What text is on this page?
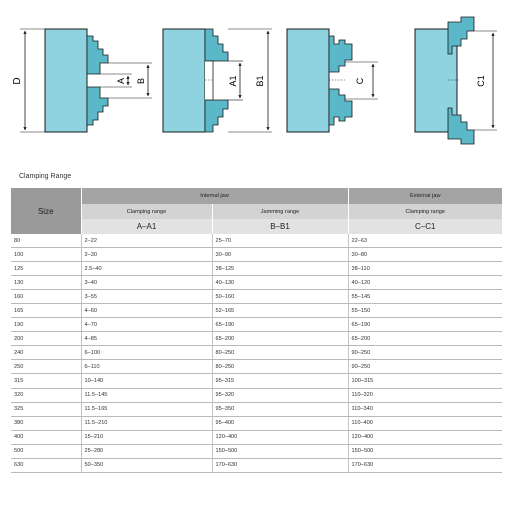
D	A B	A1 B1	C	C1
Clamping Range
Size	Internal jaw		External jaw
	Clamping range	Jamming range	Clamping range
	A–A1	B–B1	C–C1
80	2–22	25–70	22–63
100	2–30	30–90	30–80
125	2.5–40	38–125	38–110
130	3–40	40–130	40–120
160	3–55	50–160	55–145
165	4–60	52–165	55–150
190	4–70	65–190	65–190
200	4–85	65–200	65–200
240	6–100	80–250	90–250
250	6–110	80–250	90–250
315	10–140	95–315	100–315
320	11.5–145	95–320	110–320
325	11.5–165	95–350	110–340
380	11.5–210	95–400	110–400
400	15–210	120–400	120–400
500	25–280	150–500	150–500
630	50–350	170–630	170–630
